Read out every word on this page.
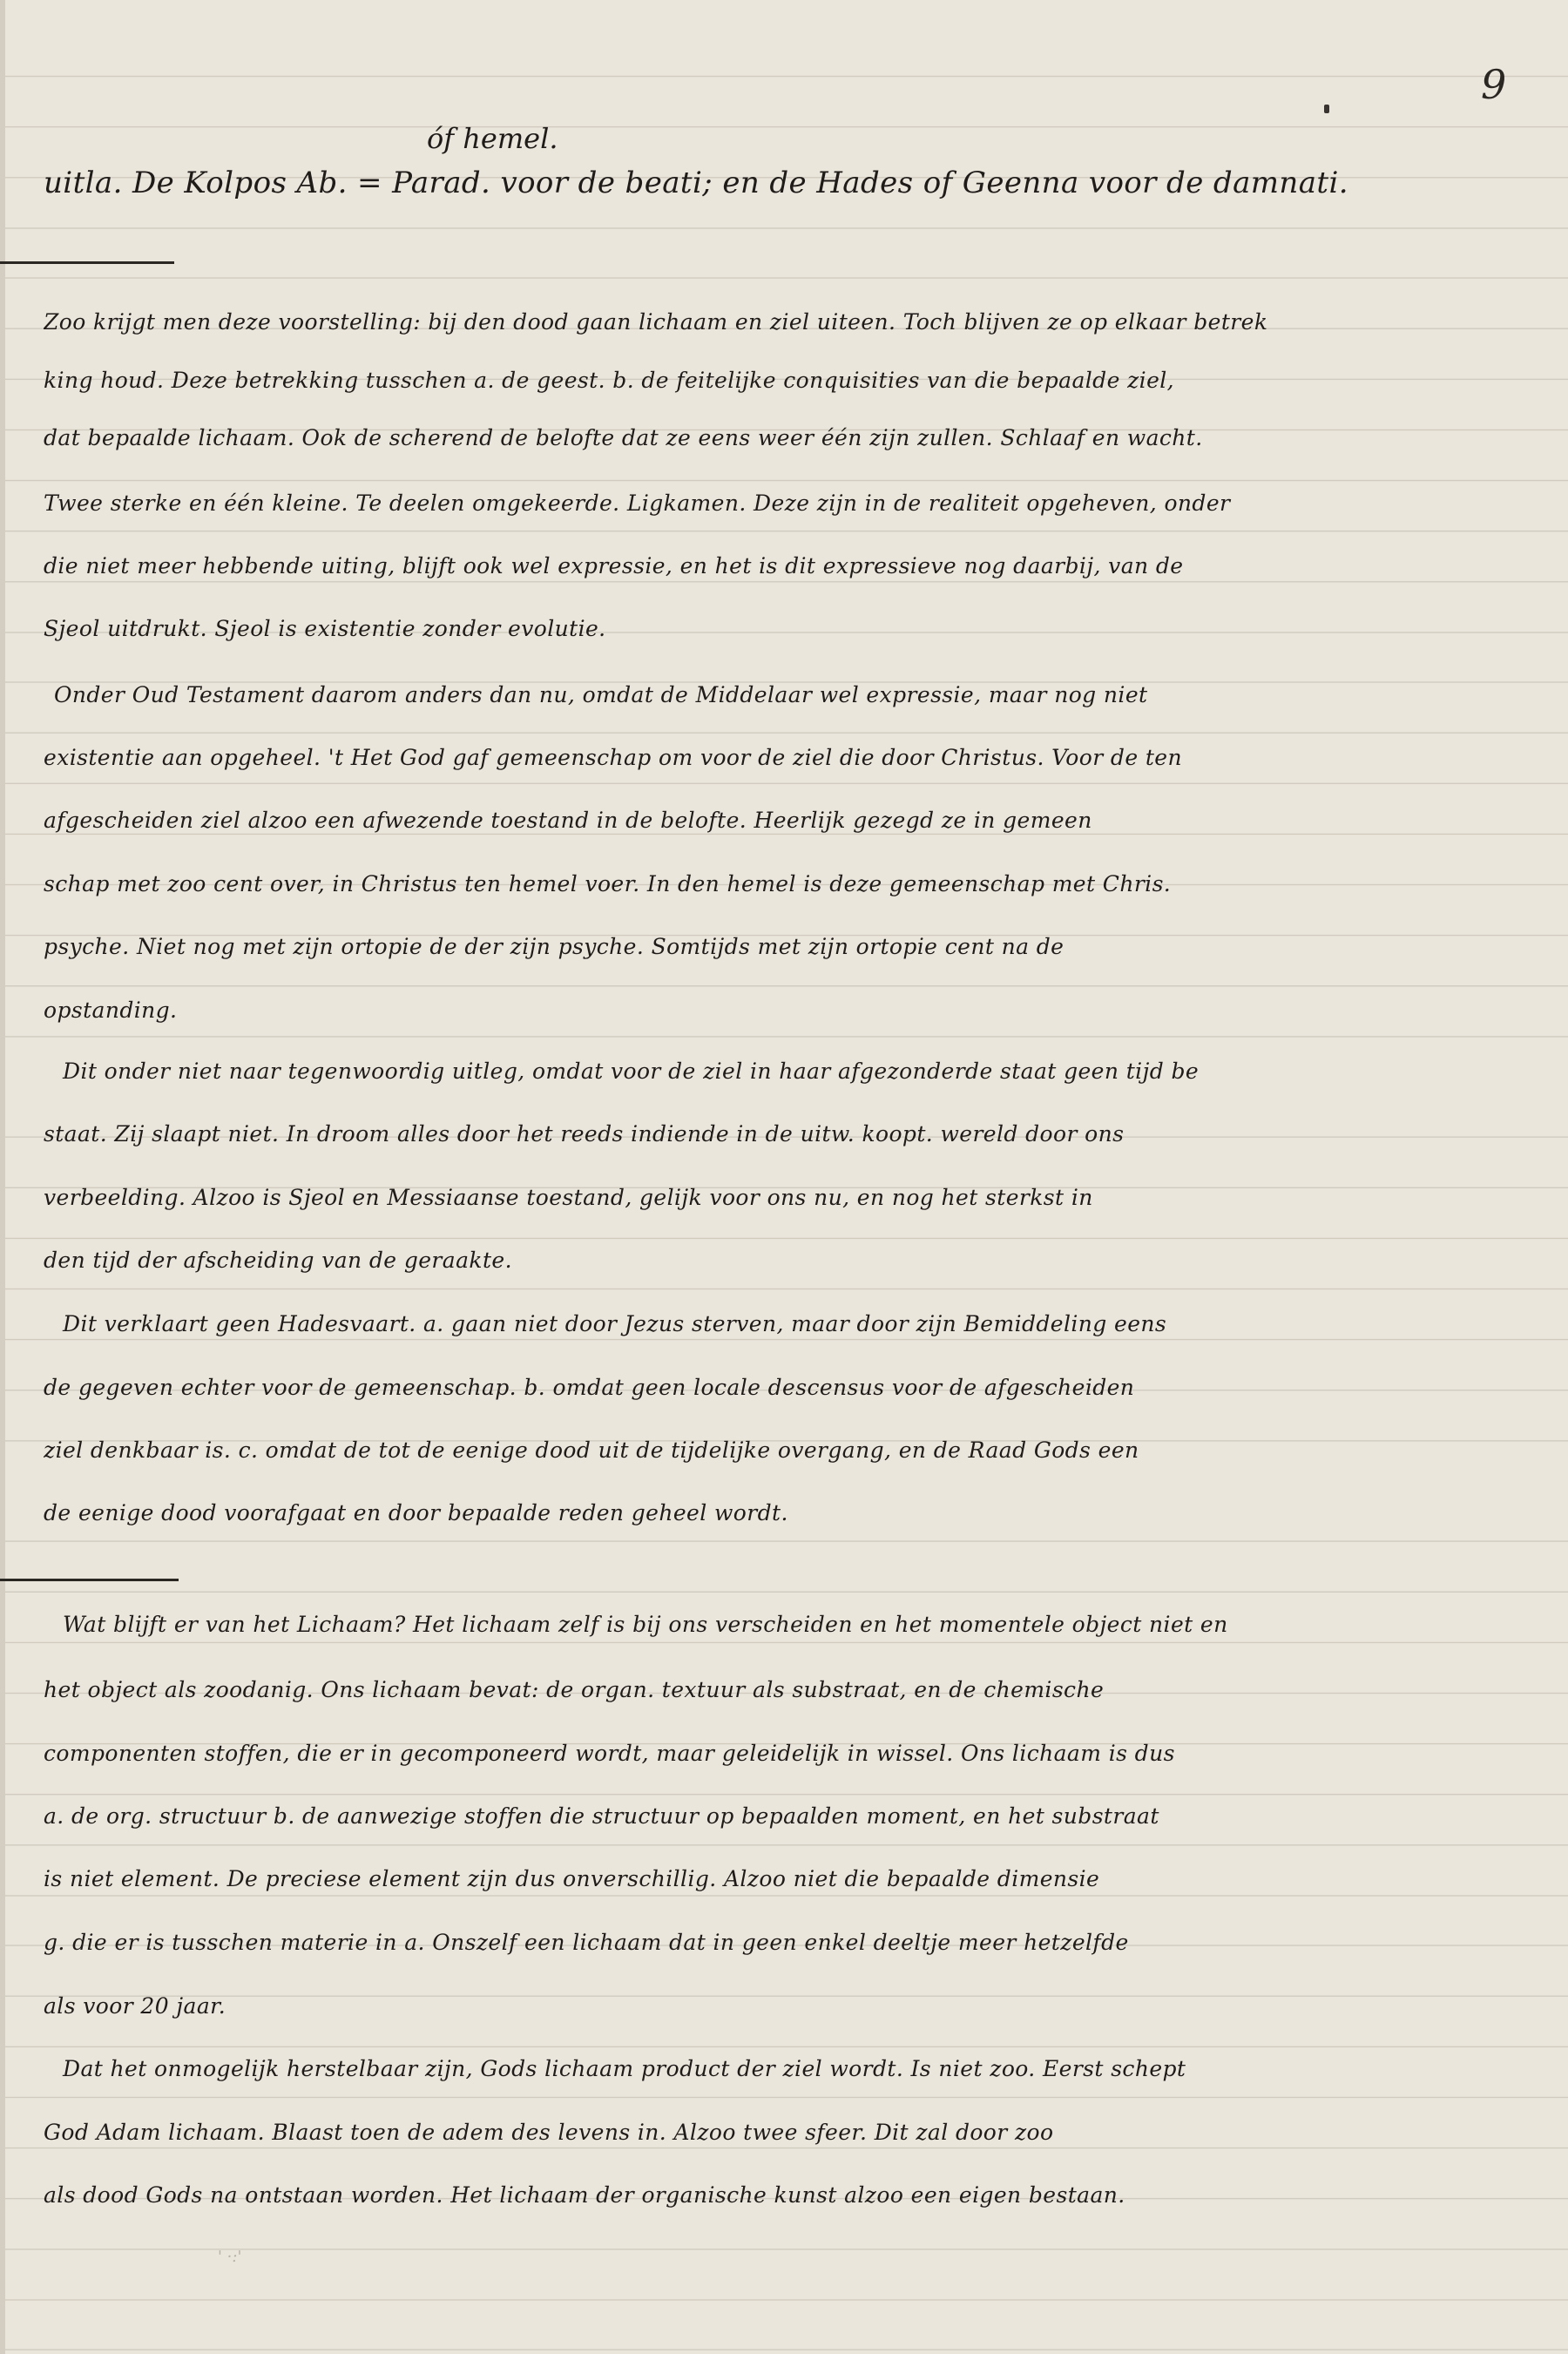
9
óf hemel.
uitla. De Kolpos Ab. = Parad. voor de beati; en de Hades of Geenna voor de damnati.
Zoo krijgt men deze voorstelling: bij den dood gaan lichaam en ziel uiteen. Toch blijven ze op elkaar betrek
king houd. Deze betrekking tusschen a. de geest. b. de feitelijke conquisities van die bepaalde ziel,
dat bepaalde lichaam. Ook de scherend de belofte dat ze eens weer één zijn zullen. Schlaaf en wacht.
Twee sterke en één kleine. Te deelen omgekeerde. Ligkamen. Deze zijn in de realiteit opgeheven, onder
die niet meer hebbende uiting, blijft ook wel expressie, en het is dit expressieve nog daarbij, van de
Sjeol uitdrukt. Sjeol is existentie zonder evolutie.
Onder Oud Testament daarom anders dan nu, omdat de Middelaar wel expressie, maar nog niet
existentie aan opgeheel. 't Het God gaf gemeenschap om voor de ziel die door Christus. Voor de ten
afgescheiden ziel alzoo een afwezende toestand in de belofte. Heerlijk gezegd ze in gemeen
schap met zoo cent over, in Christus ten hemel voer. In den hemel is deze gemeenschap met Chris.
psyche. Niet nog met zijn ortopie de der zijn psyche. Somtijds met zijn ortopie cent na de
opstanding.
Dit onder niet naar tegenwoordig uitleg, omdat voor de ziel in haar afgezonderde staat geen tijd be
staat. Zij slaapt niet. In droom alles door het reeds indiende in de uitw. koopt. wereld door ons
verbeelding. Alzoo is Sjeol en Messiaanse toestand, gelijk voor ons nu, en nog het sterkst in
den tijd der afscheiding van de geraakte.
Dit verklaart geen Hadesvaart. a. gaan niet door Jezus sterven, maar door zijn Bemiddeling eens
de gegeven echter voor de gemeenschap. b. omdat geen locale descensus voor de afgescheiden
ziel denkbaar is. c. omdat de tot de eenige dood uit de tijdelijke overgang, en de Raad Gods een
de eenige dood voorafgaat en door bepaalde reden geheel wordt.
Wat blijft er van het Lichaam? Het lichaam zelf is bij ons verscheiden en het momentele object niet en
het object als zoodanig. Ons lichaam bevat: de organ. textuur als substraat, en de chemische
componenten stoffen, die er in gecomponeerd wordt, maar geleidelijk in wissel. Ons lichaam is dus
a. de org. structuur b. de aanwezige stoffen die structuur op bepaalden moment, en het substraat
is niet element. De preciese element zijn dus onverschillig. Alzoo niet die bepaalde dimensie
g. die er is tusschen materie in a. Onszelf een lichaam dat in geen enkel deeltje meer hetzelfde
als voor 20 jaar.
Dat het onmogelijk herstelbaar zijn, Gods lichaam product der ziel wordt. Is niet zoo. Eerst schept
God Adam lichaam. Blaast toen de adem des levens in. Alzoo twee sfeer. Dit zal door zoo
als dood Gods na ontstaan worden. Het lichaam der organische kunst alzoo een eigen bestaan.
' ·:'
